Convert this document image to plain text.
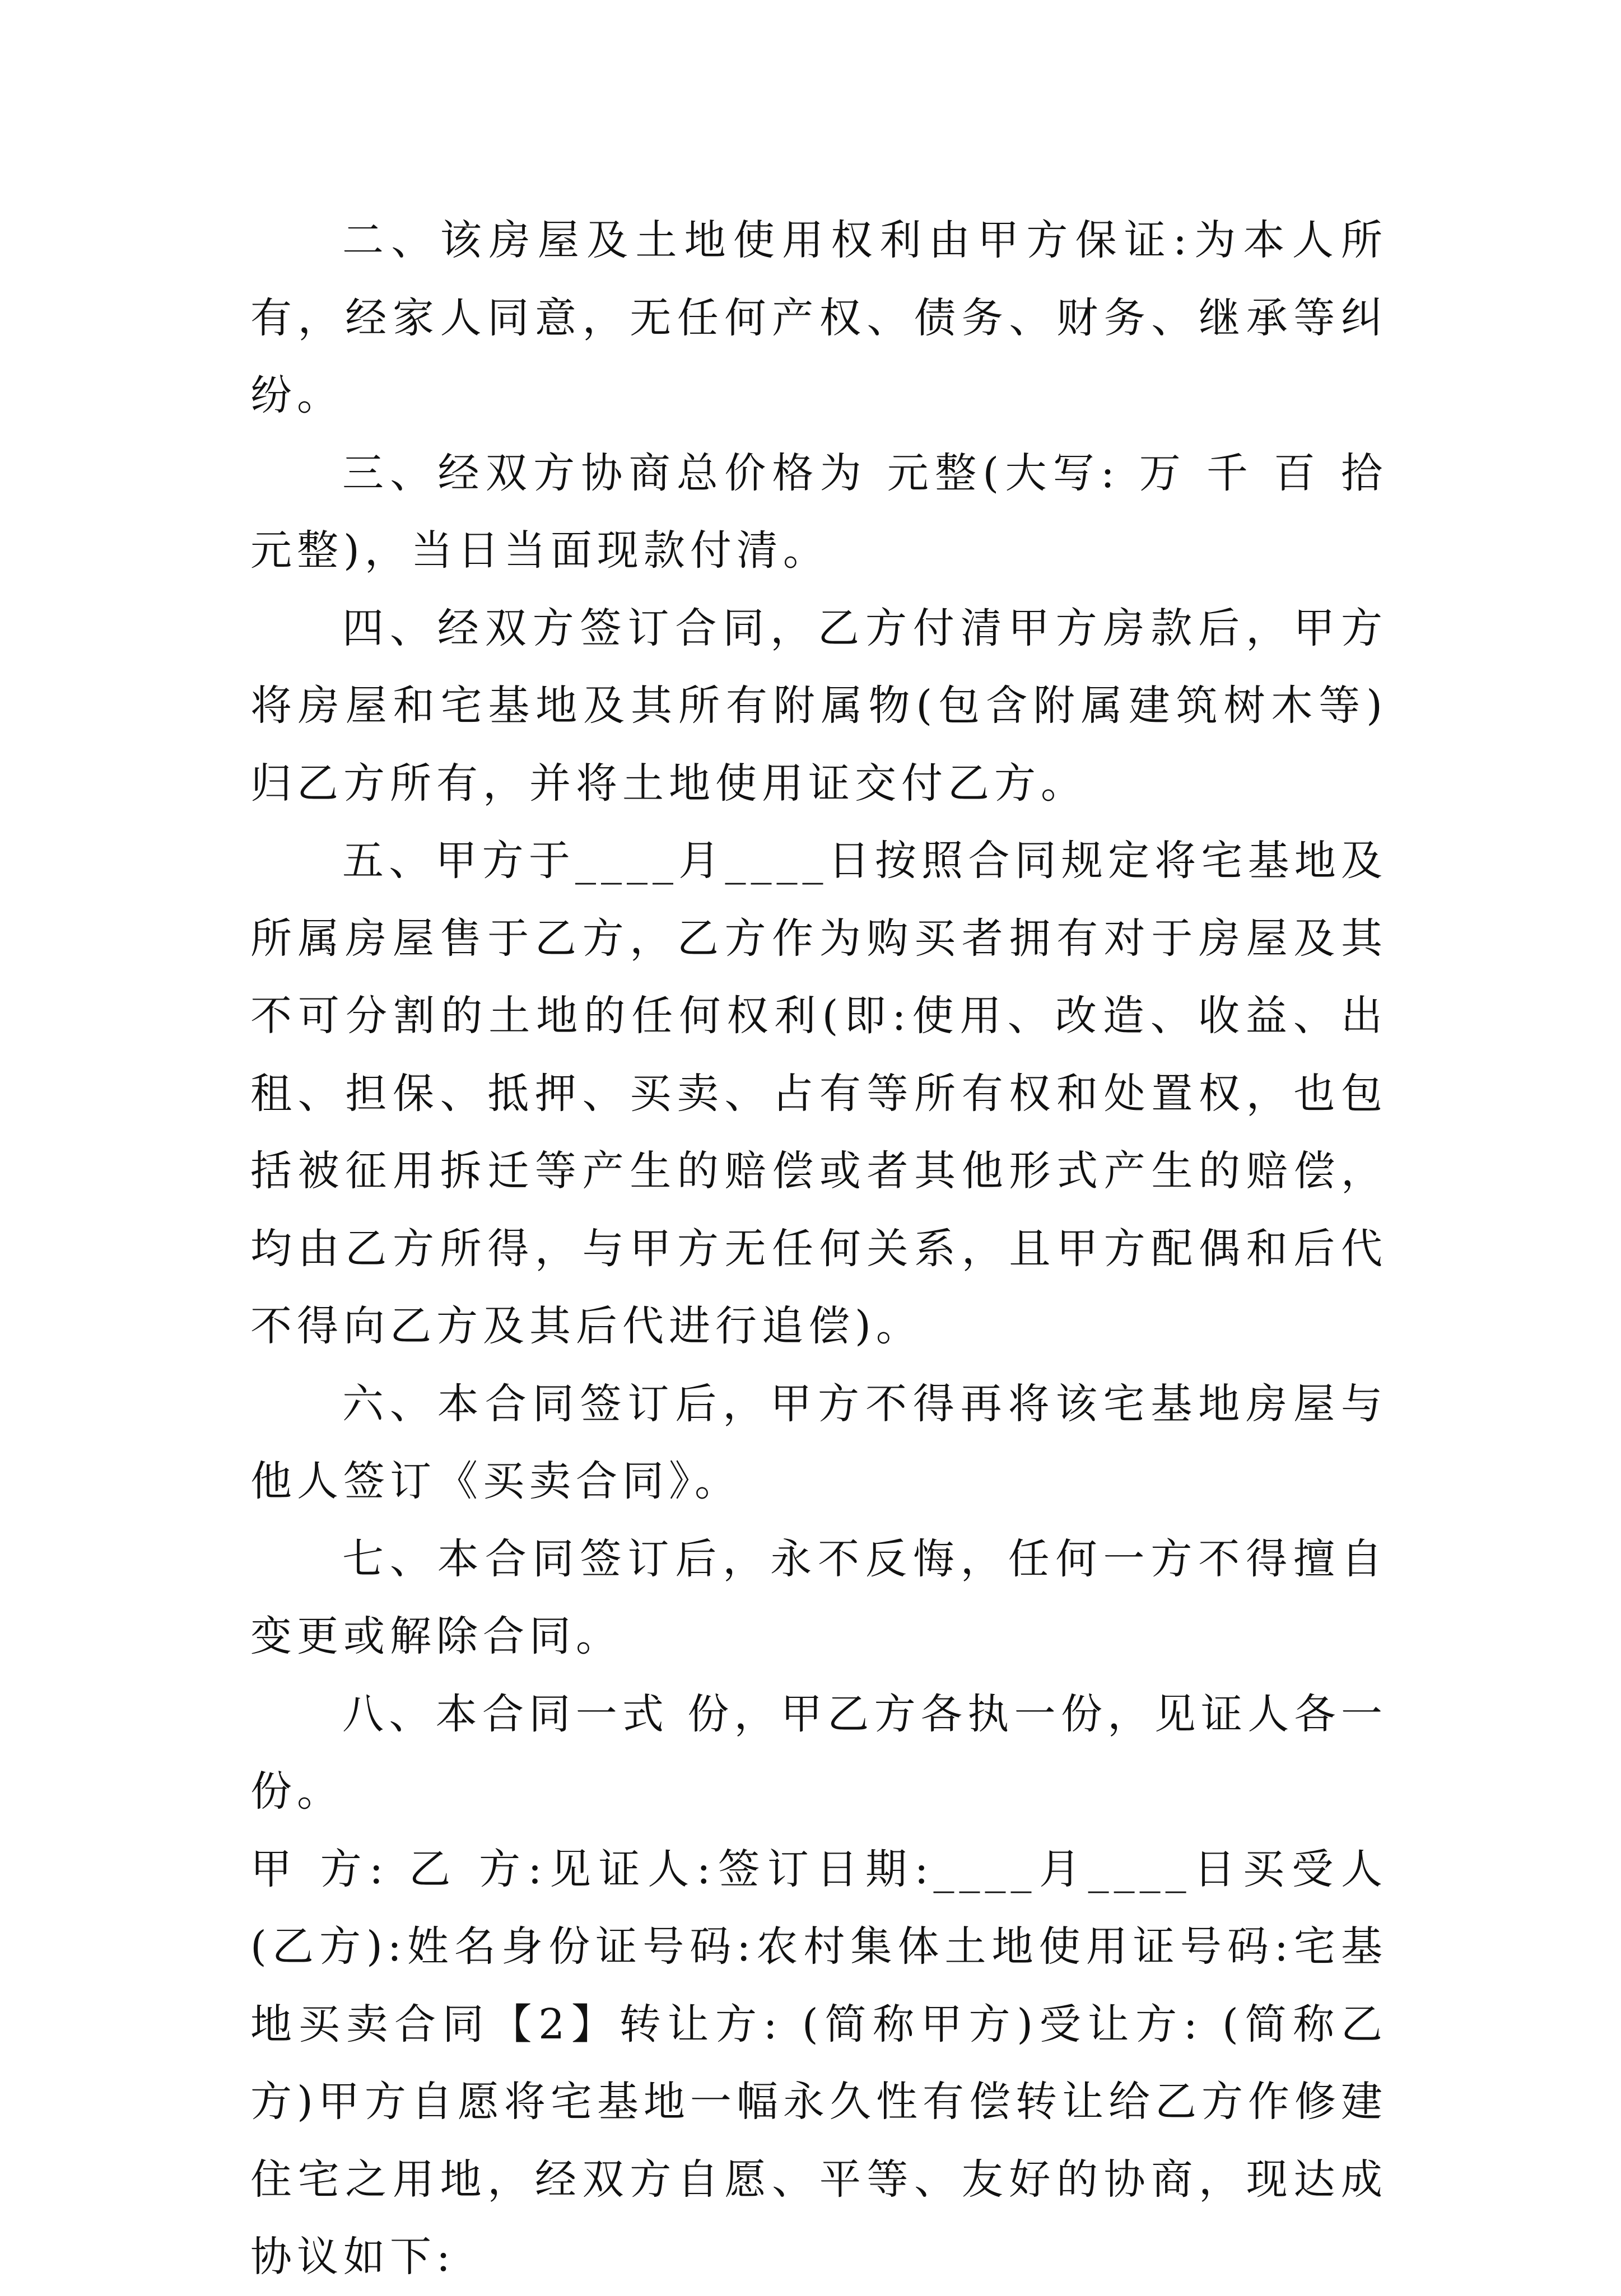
二、该房屋及土地使用权利由甲方保证:为本人所有，经家人同意，无任何产权、债务、财务、继承等纠纷。

三、经双方协商总价格为 元整(大写: 万 千 百 拾 元整)，当日当面现款付清。

四、经双方签订合同，乙方付清甲方房款后，甲方将房屋和宅基地及其所有附属物(包含附属建筑树木等)归乙方所有，并将土地使用证交付乙方。

五、甲方于____月____日按照合同规定将宅基地及所属房屋售于乙方，乙方作为购买者拥有对于房屋及其不可分割的土地的任何权利(即:使用、改造、收益、出租、担保、抵押、买卖、占有等所有权和处置权，也包括被征用拆迁等产生的赔偿或者其他形式产生的赔偿，均由乙方所得，与甲方无任何关系，且甲方配偶和后代不得向乙方及其后代进行追偿)。

六、本合同签订后，甲方不得再将该宅基地房屋与他人签订《买卖合同》。

七、本合同签订后，永不反悔，任何一方不得擅自变更或解除合同。

八、本合同一式 份，甲乙方各执一份，见证人各一份。

甲 方: 乙 方:见证人:签订日期:____月____日买受人(乙方):姓名身份证号码:农村集体土地使用证号码:宅基地买卖合同【2】转让方: (简称甲方)受让方: (简称乙方)甲方自愿将宅基地一幅永久性有偿转让给乙方作修建住宅之用地，经双方自愿、平等、友好的协商，现达成协议如下:
